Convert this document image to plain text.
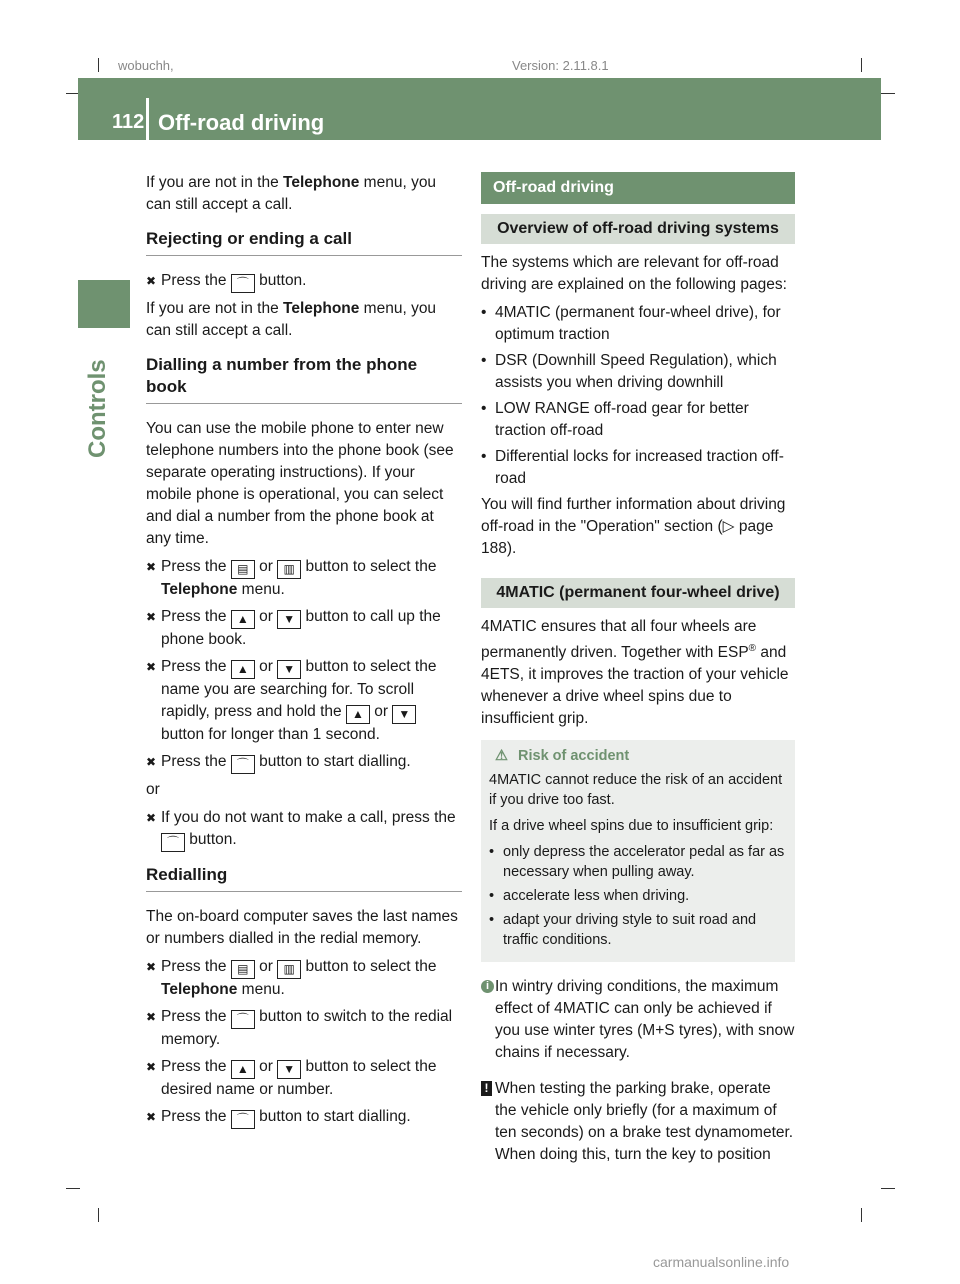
wobuchh,	Version: 2.11.8.1
112 Off-road driving
Controls

If you are not in the Telephone menu, you can still accept a call.

Rejecting or ending a call
✖ Press the ⌒ button.

If you are not in the Telephone menu, you can still accept a call.

Dialling a number from the phone book

You can use the mobile phone to enter new telephone numbers into the phone book (see separate operating instructions). If your mobile phone is operational, you can select and dial a number from the phone book at any time.

✖ Press the ▤ or ▥ button to select the Telephone menu.
✖ Press the ▲ or ▼ button to call up the phone book.
✖ Press the ▲ or ▼ button to select the name you are searching for. To scroll rapidly, press and hold the ▲ or ▼ button for longer than 1 second.
✖ Press the ⌒ button to start dialling.

or

✖ If you do not want to make a call, press the ⌒ button.
Redialling

The on-board computer saves the last names or numbers dialled in the redial memory.

✖ Press the ▤ or ▥ button to select the Telephone menu.
✖ Press the ⌒ button to switch to the redial memory.
✖ Press the ▲ or ▼ button to select the desired name or number.
✖ Press the ⌒ button to start dialling.
Off-road driving
Overview of off-road driving systems

The systems which are relevant for off-road driving are explained on the following pages:

• 4MATIC (permanent four-wheel drive), for optimum traction
• DSR (Downhill Speed Regulation), which assists you when driving downhill
• LOW RANGE off-road gear for better traction off-road
• Differential locks for increased traction off-road

You will find further information about driving off-road in the "Operation" section (▷ page 188).

4MATIC (permanent four-wheel drive)

4MATIC ensures that all four wheels are permanently driven. Together with ESP® and 4ETS, it improves the traction of your vehicle whenever a drive wheel spins due to insufficient grip.

⚠ Risk of accident

4MATIC cannot reduce the risk of an accident if you drive too fast.

If a drive wheel spins due to insufficient grip:

• only depress the accelerator pedal as far as necessary when pulling away.
• accelerate less when driving.
• adapt your driving style to suit road and traffic conditions.
i In wintry driving conditions, the maximum effect of 4MATIC can only be achieved if you use winter tyres (M+S tyres), with snow chains if necessary.
! When testing the parking brake, operate the vehicle only briefly (for a maximum of ten seconds) on a brake test dynamometer. When doing this, turn the key to position
carmanualsonline.info
